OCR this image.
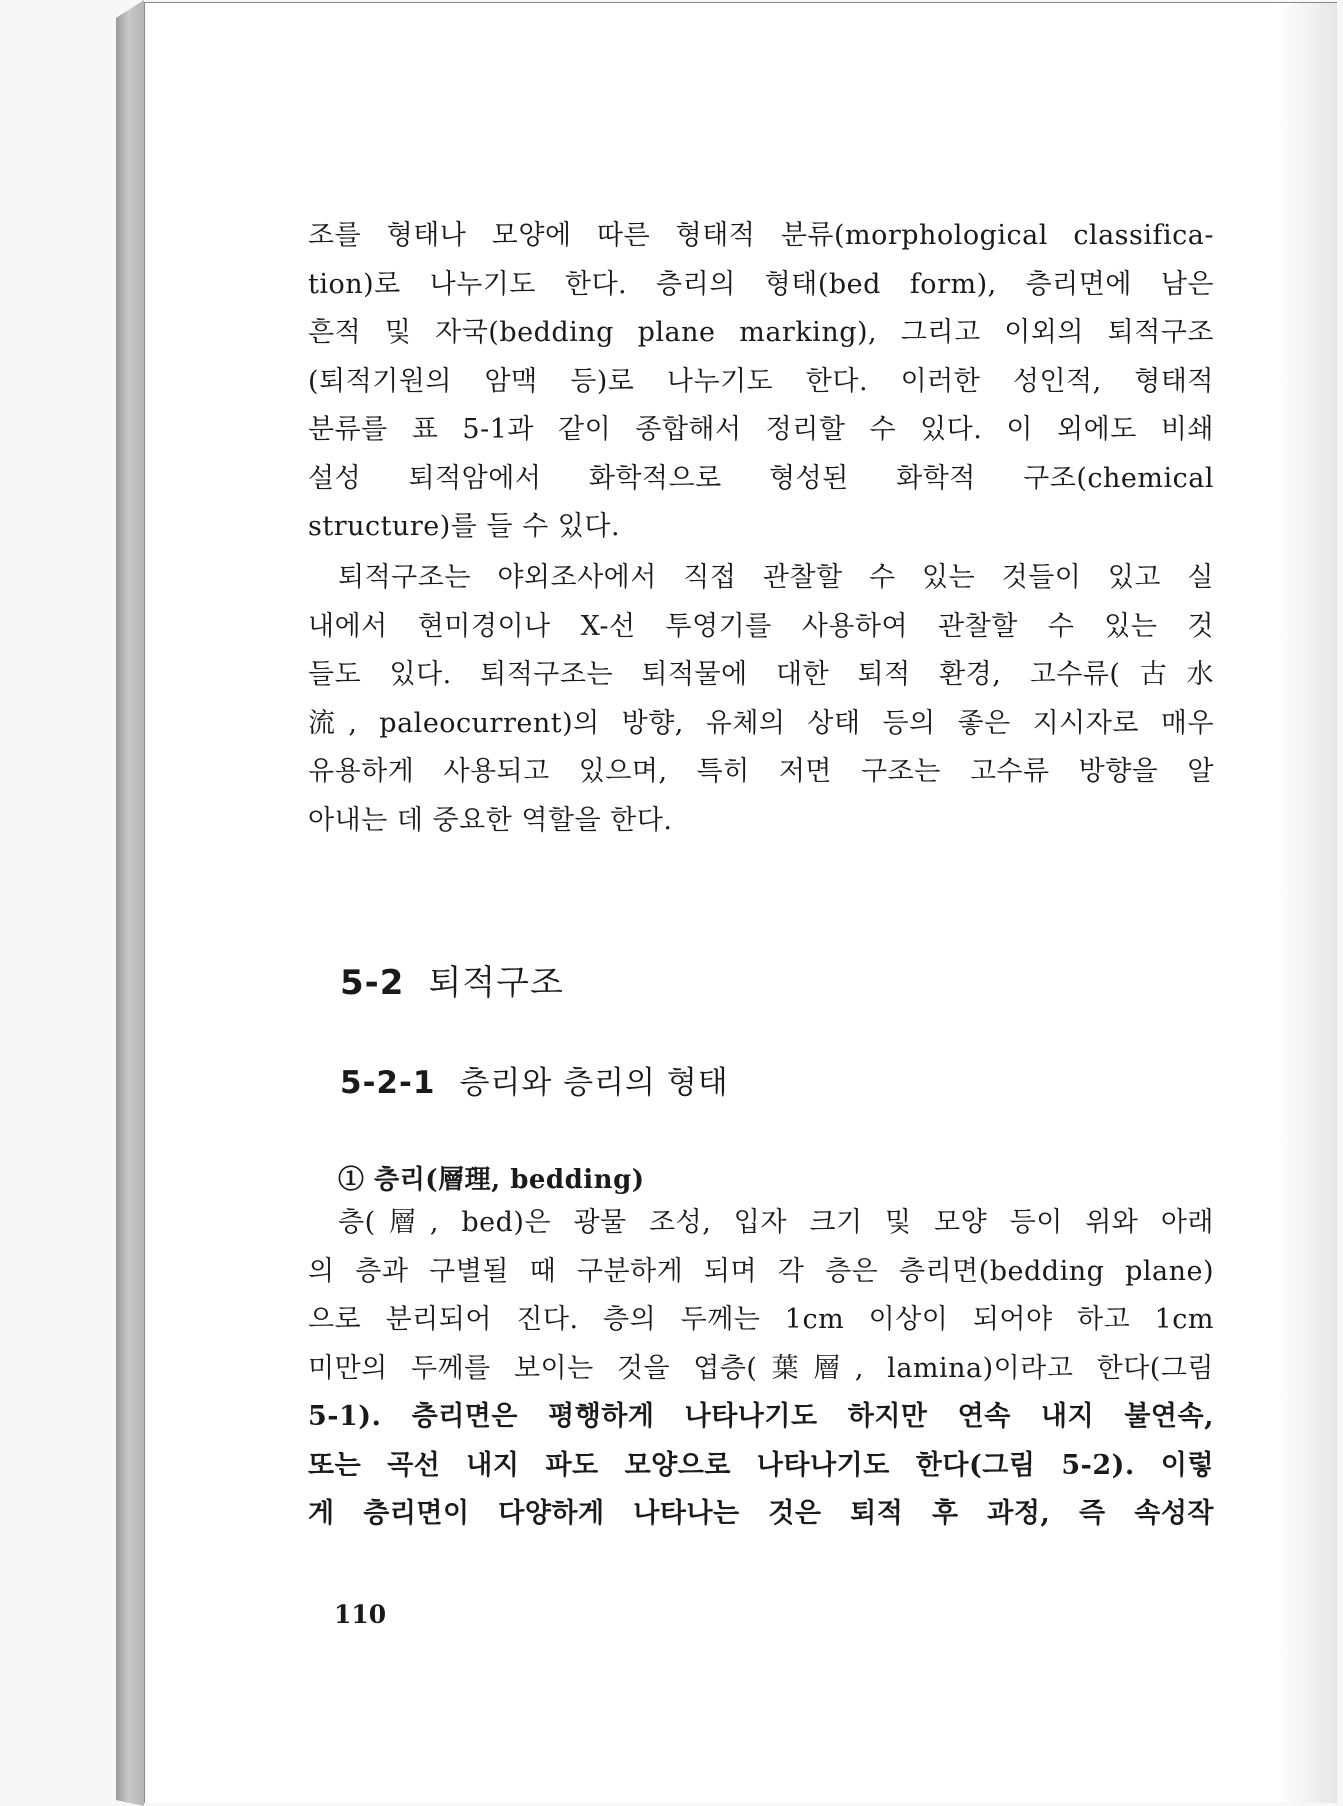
조를 형태나 모양에 따른 형태적 분류(morphological classifica-
tion)로 나누기도 한다. 층리의 형태(bed form), 층리면에 남은
흔적 및 자국(bedding plane marking), 그리고 이외의 퇴적구조
(퇴적기원의 암맥 등)로 나누기도 한다. 이러한 성인적, 형태적
분류를 표 5-1과 같이 종합해서 정리할 수 있다. 이 외에도 비쇄
설성 퇴적암에서 화학적으로 형성된 화학적 구조(chemical
structure)를 들 수 있다.
퇴적구조는 야외조사에서 직접 관찰할 수 있는 것들이 있고 실
내에서 현미경이나 X-선 투영기를 사용하여 관찰할 수 있는 것
들도 있다. 퇴적구조는 퇴적물에 대한 퇴적 환경, 고수류(古水
流, paleocurrent)의 방향, 유체의 상태 등의 좋은 지시자로 매우
유용하게 사용되고 있으며, 특히 저면 구조는 고수류 방향을 알
아내는 데 중요한 역할을 한다.
5-2 퇴적구조
5-2-1 층리와 층리의 형태
① 층리(層理, bedding)
층(層, bed)은 광물 조성, 입자 크기 및 모양 등이 위와 아래
의 층과 구별될 때 구분하게 되며 각 층은 층리면(bedding plane)
으로 분리되어 진다. 층의 두께는 1cm 이상이 되어야 하고 1cm
미만의 두께를 보이는 것을 엽층(葉層, lamina)이라고 한다(그림
5-1). 층리면은 평행하게 나타나기도 하지만 연속 내지 불연속,
또는 곡선 내지 파도 모양으로 나타나기도 한다(그림 5-2). 이렇
게 층리면이 다양하게 나타나는 것은 퇴적 후 과정, 즉 속성작
110
